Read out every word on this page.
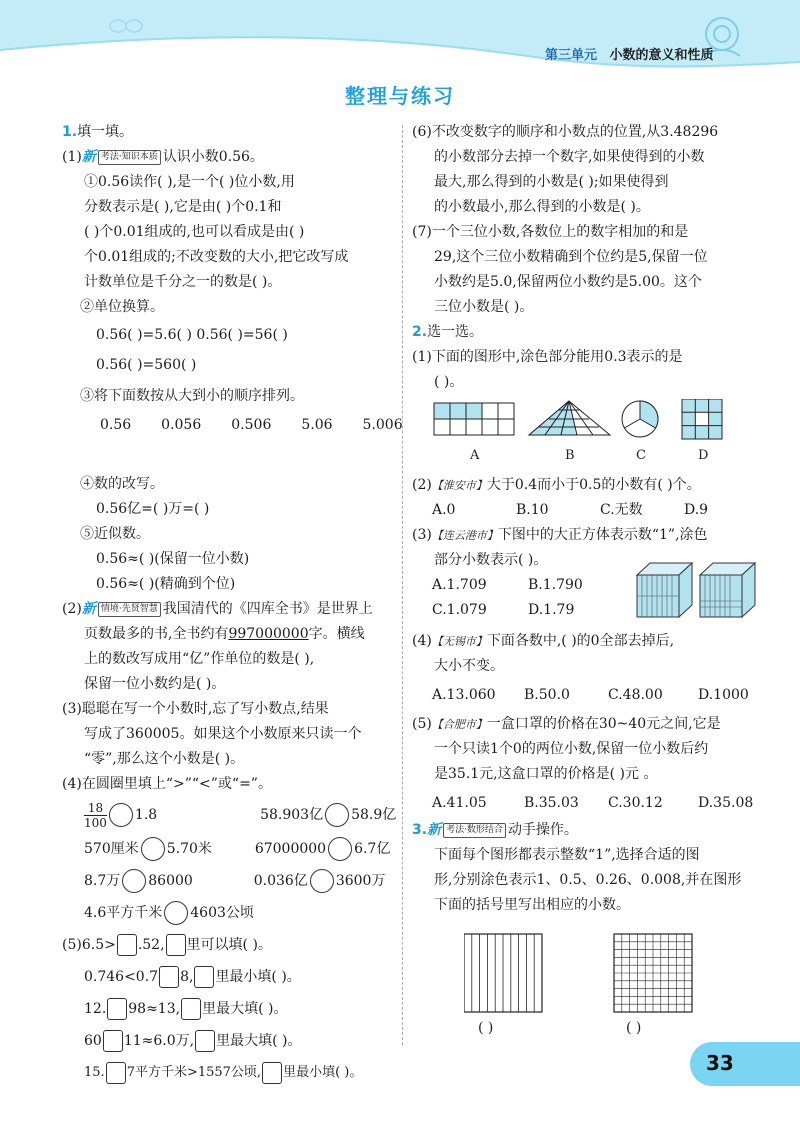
第三单元 小数的意义和性质
整理与练习
1.填一填。
(1)新 考法·知识本质 认识小数0.56。
①0.56读作( ),是一个( )位小数,用
分数表示是( ),它是由( )个0.1和
( )个0.01组成的,也可以看成是由( )
个0.01组成的;不改变数的大小,把它改写成
计数单位是千分之一的数是( )。
②单位换算。
0.56( )=5.6( ) 0.56( )=56( )
0.56( )=560( )
③将下面数按从大到小的顺序排列。
0.56 0.056 0.506 5.06 5.006
④数的改写。
0.56亿=( )万=( )
⑤近似数。
0.56≈( )(保留一位小数)
0.56≈( )(精确到个位)
(2)新 情境·先贤智慧 我国清代的《四库全书》是世界上
页数最多的书,全书约有997000000字。横线
上的数改写成用“亿”作单位的数是( ),
保留一位小数约是( )。
(3)聪聪在写一个小数时,忘了写小数点,结果
写成了360005。如果这个小数原来只读一个
“零”,那么这个小数是( )。
(4)在圆圈里填上“>”“<”或“=”。
$\frac{18}{100} 1.8$	58.903亿 58.9亿
570厘米 5.70米	67000000 6.7亿
8.7万 86000	0.036亿 3600万
4.6平方千米 4603公顷
(5)6.5> .52, 里可以填( )。
0.746<0.7 8, 里最小填( )。
12. 98≈13, 里最大填( )。
60 11≈6.0万, 里最大填( )。
15. 7平方千米>1557公顷, 里最小填( )。
(6)不改变数字的顺序和小数点的位置,从3.48296
的小数部分去掉一个数字,如果使得到的小数
最大,那么得到的小数是( );如果使得到
的小数最小,那么得到的小数是( )。
(7)一个三位小数,各数位上的数字相加的和是
29,这个三位小数精确到个位约是5,保留一位
小数约是5.0,保留两位小数约是5.00。这个
三位小数是( )。
2.选一选。
(1)下面的图形中,涂色部分能用0.3表示的是
( )。
A	B	C	D
(2)【淮安市】大于0.4而小于0.5的小数有( )个。
A.0	B.10	C.无数	D.9
(3)【连云港市】下图中的大正方体表示数“1”,涂色
部分小数表示( )。
A.1.709	B.1.790
C.1.079	D.1.79
(4)【无锡市】下面各数中,( )的0全部去掉后,
大小不变。
A.13.060 B.50.0	C.48.00	D.1000
(5)【合肥市】一盒口罩的价格在30~40元之间,它是
一个只读1个0的两位小数,保留一位小数后约
是35.1元,这盒口罩的价格是( )元 。
A.41.05	B.35.03 C.30.12	D.35.08
3.新 考法·数形结合 动手操作。
下面每个图形都表示整数“1”,选择合适的图
形,分别涂色表示1、0.5、0.26、0.008,并在图形
下面的括号里写出相应的小数。
( )	( )
33
